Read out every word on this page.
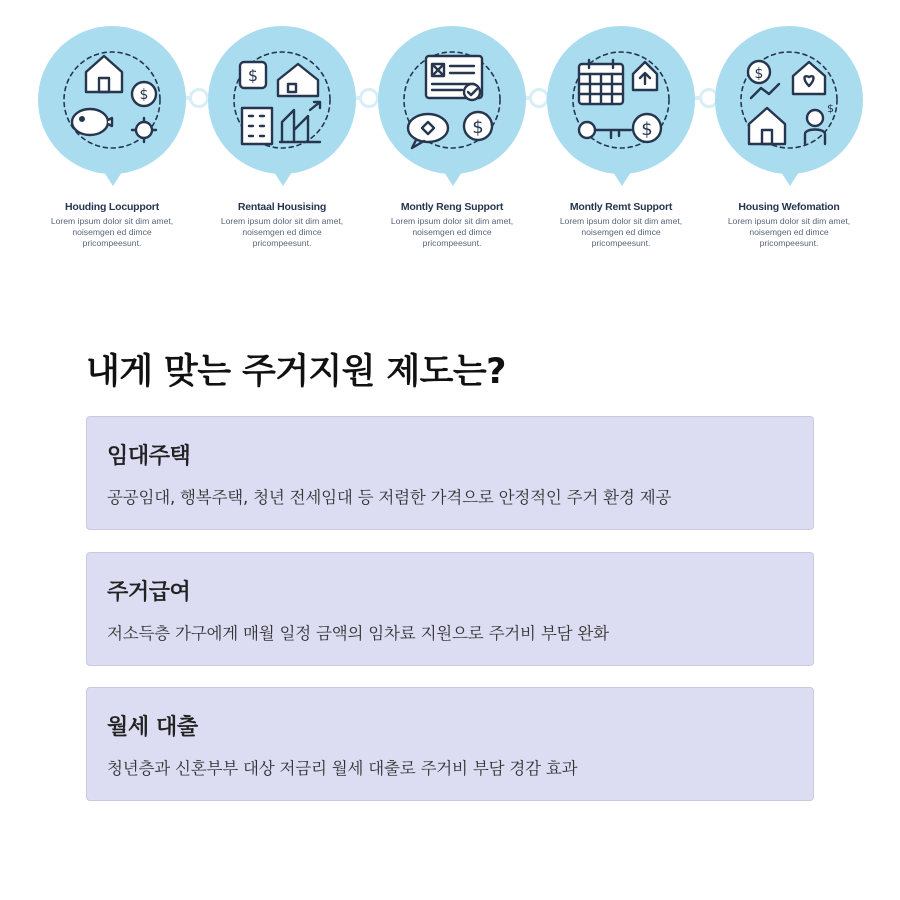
$
Houding Locupport
Lorem ipsum dolor sit dim amet, noisemgen ed dimce pricompeesunt.
$
Rentaal Housising
Lorem ipsum dolor sit dim amet, noisemgen ed dimce pricompeesunt.
$
Montly Reng Support
Lorem ipsum dolor sit dim amet, noisemgen ed dimce pricompeesunt.
$
Montly Remt Support
Lorem ipsum dolor sit dim amet, noisemgen ed dimce pricompeesunt.
$
$
Housing Wefomation
Lorem ipsum dolor sit dim amet, noisemgen ed dimce pricompeesunt.
내게 맞는 주거지원 제도는?
임대주택

공공임대, 행복주택, 청년 전세임대 등 저렴한 가격으로 안정적인 주거 환경 제공

주거급여

저소득층 가구에게 매월 일정 금액의 임차료 지원으로 주거비 부담 완화

월세 대출

청년층과 신혼부부 대상 저금리 월세 대출로 주거비 부담 경감 효과
